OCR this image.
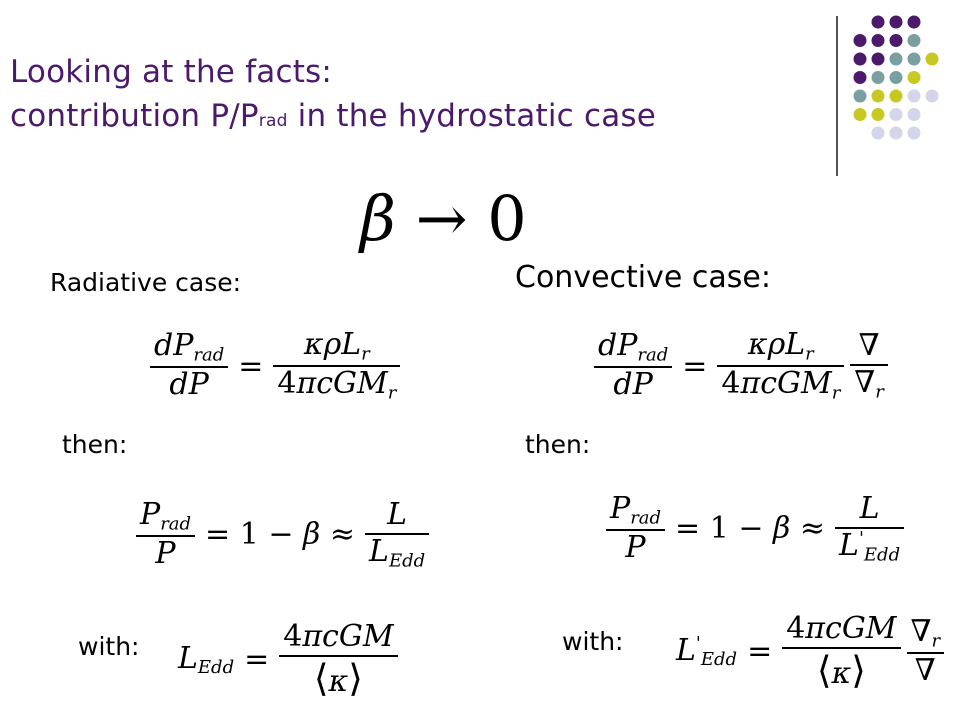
Looking at the facts:
contribution P/Prad in the hydrostatic case
β → 0
Radiative case:	Convective case:
$\frac{\text{dPrad}}{dP} = \frac{\text{κρLr}}{\text{4πcGMr}}$	$\frac{\text{dPrad}}{dP} = \frac{\text{κρLr}}{\text{4πcGMr}} \frac{\nabla}{\nabla r}$
then:	then:
$\frac{\text{Prad}}{P} = 1 - \beta \approx \frac{L}{\text{LEdd}}$	$\frac{\text{Prad}}{P} = 1 - \beta \approx \frac{L}{L'Edd}$
with:	with:
LEdd = $\frac{\text{4πcGM}}{⟨\kappa⟩}$	$L'Edd = \frac{\text{4πcGM}}{⟨\kappa⟩} \frac{\nabla r}{\nabla}$
